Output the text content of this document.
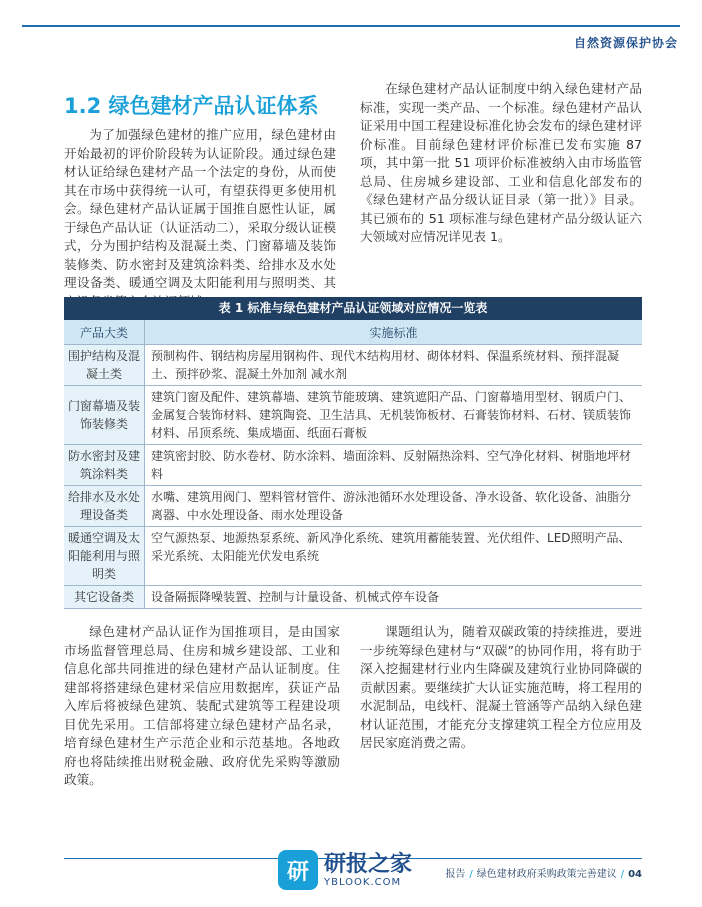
自然资源保护协会
1.2 绿色建材产品认证体系

为了加强绿色建材的推广应用，绿色建材由开始最初的评价阶段转为认证阶段。通过绿色建材认证给绿色建材产品一个法定的身份，从而使其在市场中获得统一认可，有望获得更多使用机会。绿色建材产品认证属于国推自愿性认证，属于绿色产品认证（认证活动二），采取分级认证模式，分为围护结构及混凝土类、门窗幕墙及装饰装修类、防水密封及建筑涂料类、给排水及水处理设备类、暖通空调及太阳能利用与照明类、其

在绿色建材产品认证制度中纳入绿色建材产品标准，实现一类产品、一个标准。绿色建材产品认证采用中国工程建设标准化协会发布的绿色建材评价标准。目前绿色建材评价标准已发布实施 87 项，其中第一批 51 项评价标准被纳入由市场监管总局、住房城乡建设部、工业和信息化部发布的《绿色建材产品分级认证目录（第一批）》目录。其已颁布的 51 项标准与绿色建材产品分级认证六大领域对应情况详见表 1。

表 1 标准与绿色建材产品认证领域对应情况一览表
产品大类	实施标准
围护结构及混凝土类	预制构件、钢结构房屋用钢构件、现代木结构用材、砌体材料、保温系统材料、预拌混凝土、预拌砂浆、混凝土外加剂 减水剂
门窗幕墙及装饰装修类	建筑门窗及配件、建筑幕墙、建筑节能玻璃、建筑遮阳产品、门窗幕墙用型材、钢质户门、金属复合装饰材料、建筑陶瓷、卫生洁具、无机装饰板材、石膏装饰材料、石材、镁质装饰材料、吊顶系统、集成墙面、纸面石膏板
防水密封及建筑涂料类	建筑密封胶、防水卷材、防水涂料、墙面涂料、反射隔热涂料、空气净化材料、树脂地坪材料
给排水及水处理设备类	水嘴、建筑用阀门、塑料管材管件、游泳池循环水处理设备、净水设备、软化设备、油脂分离器、中水处理设备、雨水处理设备
暖通空调及太阳能利用与照明类	空气源热泵、地源热泵系统、新风净化系统、建筑用蓄能装置、光伏组件、LED照明产品、采光系统、太阳能光伏发电系统
其它设备类	设备隔振降噪装置、控制与计量设备、机械式停车设备

绿色建材产品认证作为国推项目，是由国家市场监督管理总局、住房和城乡建设部、工业和信息化部共同推进的绿色建材产品认证制度。住建部将搭建绿色建材采信应用数据库，获证产品入库后将被绿色建筑、装配式建筑等工程建设项目优先采用。工信部将建立绿色建材产品名录，培育绿色建材生产示范企业和示范基地。各地政府也将陆续推出财税金融、政府优先采购等激励政策。

课题组认为，随着双碳政策的持续推进，要进一步统筹绿色建材与“双碳”的协同作用，将有助于深入挖掘建材行业内生降碳及建筑行业协同降碳的贡献因素。要继续扩大认证实施范畴，将工程用的水泥制品，电线杆、混凝土管涵等产品纳入绿色建材认证范围，才能充分支撑建筑工程全方位应用及居民家庭消费之需。

研 研报之家
YBLOOK.COM
报告 / 绿色建材政府采购政策完善建议 / 04
